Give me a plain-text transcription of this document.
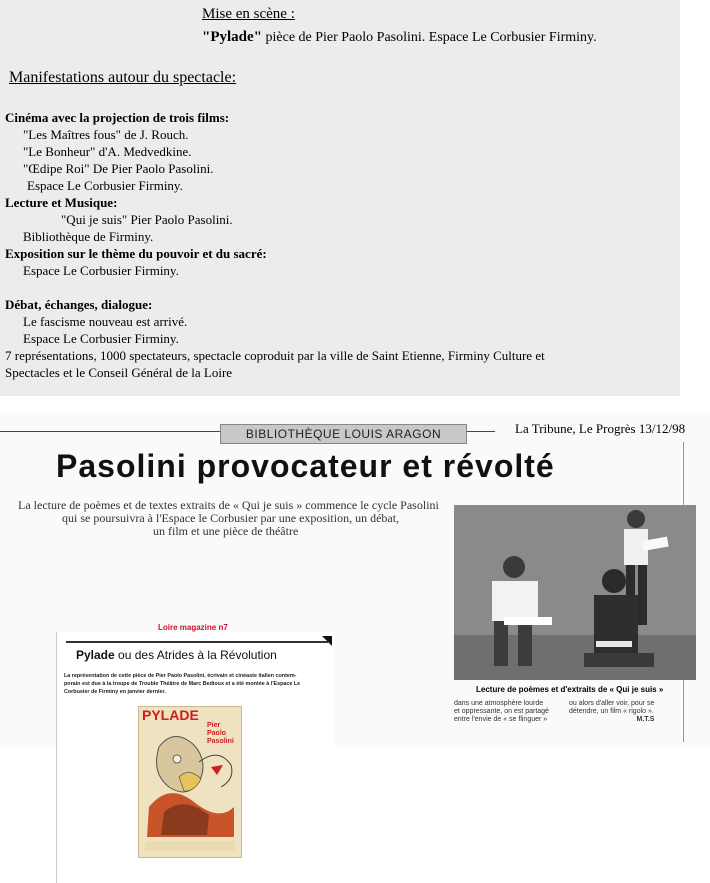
Mise en scène :
"Pylade" pièce de Pier Paolo Pasolini. Espace Le Corbusier Firminy.
Manifestations autour du spectacle:
Cinéma avec la projection de trois films:
"Les Maîtres fous" de J. Rouch.
"Le Bonheur" d'A. Medvedkine.
"Œdipe Roi" De Pier Paolo Pasolini.
Espace Le Corbusier Firminy.
Lecture et Musique:
"Qui je suis" Pier Paolo Pasolini.
Bibliothèque de Firminy.
Exposition sur le thème du pouvoir et du sacré:
Espace Le Corbusier Firminy.
Débat, échanges, dialogue:
Le fascisme nouveau est arrivé.
Espace Le Corbusier Firminy.
7 représentations, 1000 spectateurs, spectacle coproduit par la ville de Saint Etienne, Firminy Culture et
Spectacles et le Conseil Général de la Loire
BIBLIOTHÈQUE LOUIS ARAGON	La Tribune, Le Progrès 13/12/98
Pasolini provocateur et révolté
La lecture de poèmes et de textes extraits de « Qui je suis » commence le cycle Pasolini
qui se poursuivra à l'Espace le Corbusier par une exposition, un débat,
un film et une pièce de théâtre
Lecture de poèmes et d'extraits de « Qui je suis »
dans une atmosphère lourde
et oppressante, on est partagé
entre l'envie de « se flinguer »
ou alors d'aller voir, pour se
détendre, un film « rigolo ».
M.T.S
Loire magazine n7
Pylade ou des Atrides à la Révolution
La représentation de cette pièce de Pier Paolo Pasolini, écrivain et cinéaste italien contem-
porain est due à la troupe de Trouble Théâtre de Marc Bedioux et a été montée à l'Espace Le
Corbusier de Firminy en janvier dernier.
PYLADE
Pier
Paolo
Pasolini
